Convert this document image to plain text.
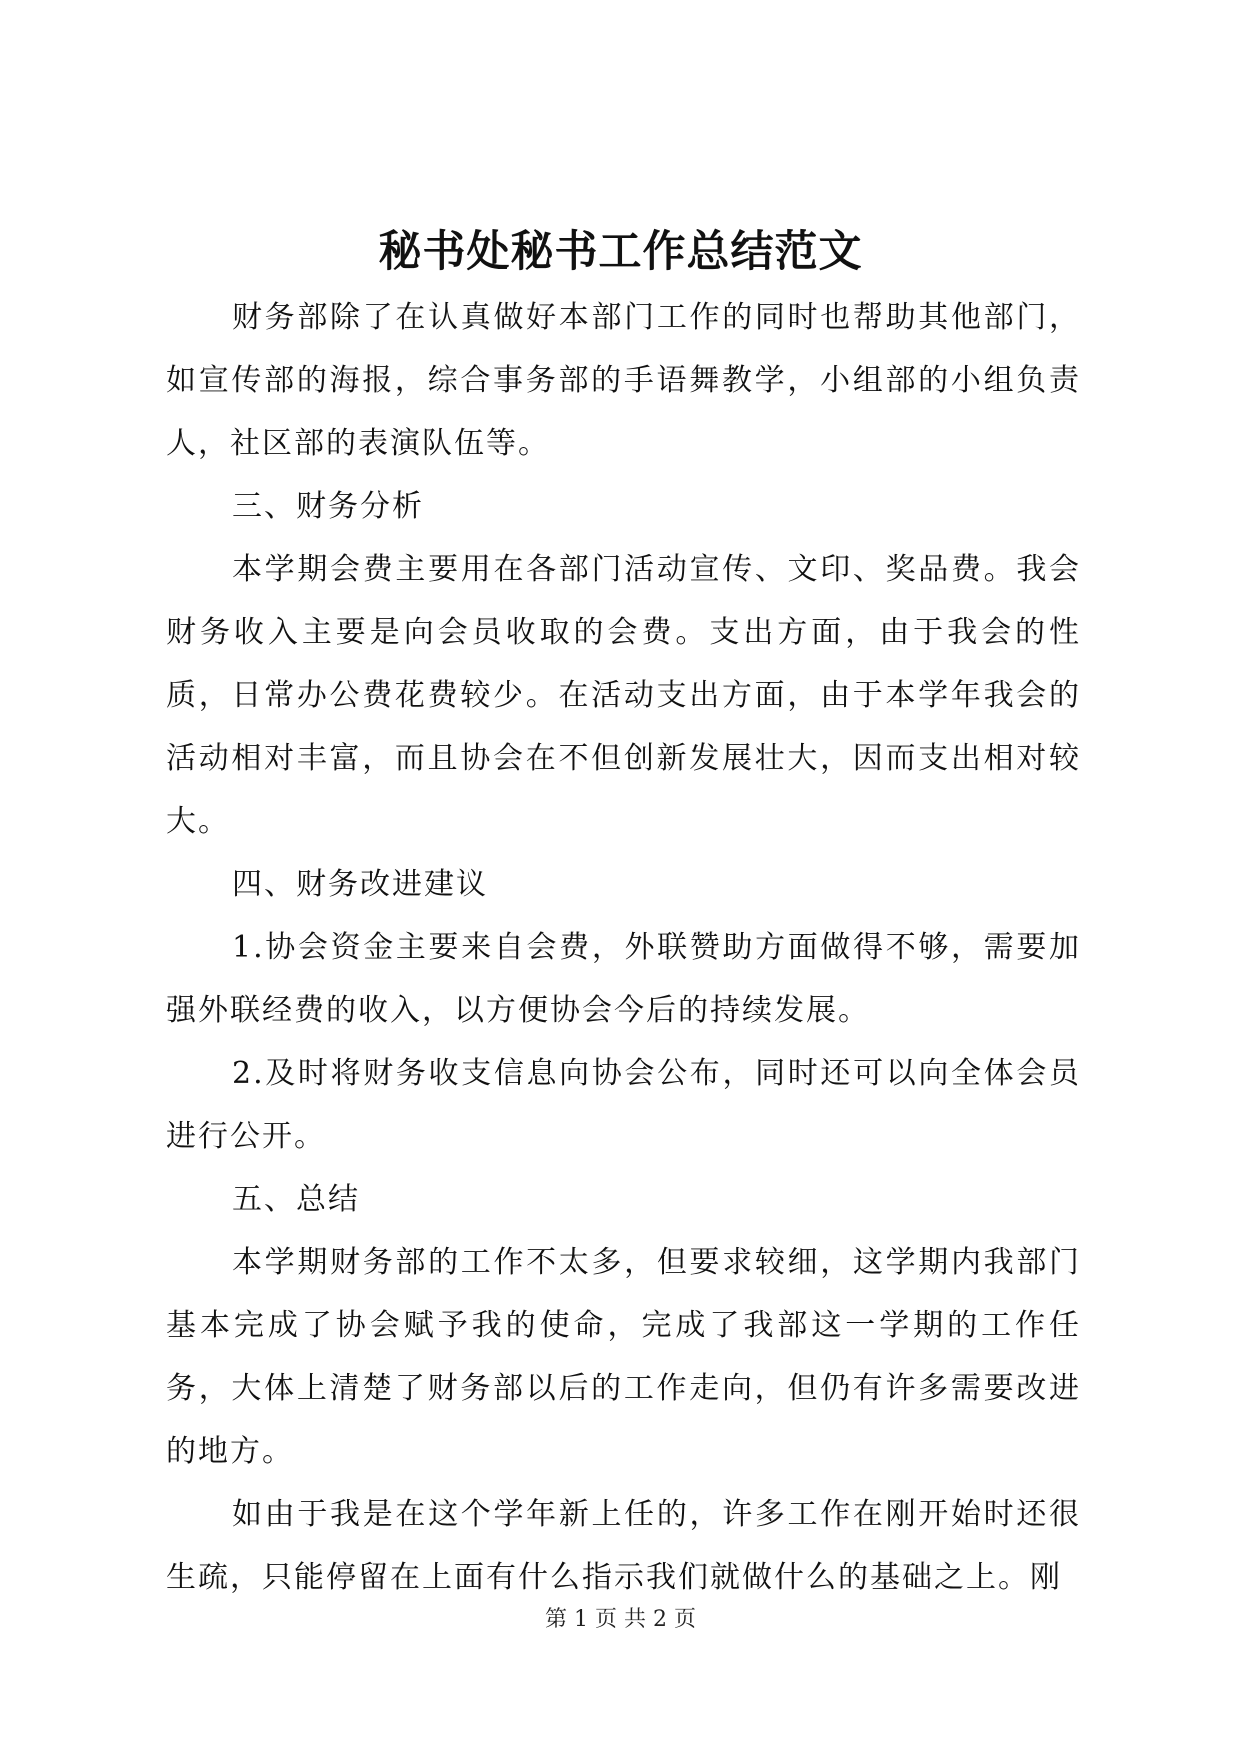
秘书处秘书工作总结范文

财务部除了在认真做好本部门工作的同时也帮助其他部门，如宣传部的海报，综合事务部的手语舞教学，小组部的小组负责人，社区部的表演队伍等。

三、财务分析

本学期会费主要用在各部门活动宣传、文印、奖品费。我会财务收入主要是向会员收取的会费。支出方面，由于我会的性质，日常办公费花费较少。在活动支出方面，由于本学年我会的活动相对丰富，而且协会在不但创新发展壮大，因而支出相对较大。

四、财务改进建议

1.协会资金主要来自会费，外联赞助方面做得不够，需要加强外联经费的收入，以方便协会今后的持续发展。

2.及时将财务收支信息向协会公布，同时还可以向全体会员进行公开。

五、总结

本学期财务部的工作不太多，但要求较细，这学期内我部门基本完成了协会赋予我的使命，完成了我部这一学期的工作任务，大体上清楚了财务部以后的工作走向，但仍有许多需要改进的地方。

如由于我是在这个学年新上任的，许多工作在刚开始时还很生疏，只能停留在上面有什么指示我们就做什么的基础之上。刚

第 1 页 共 2 页
